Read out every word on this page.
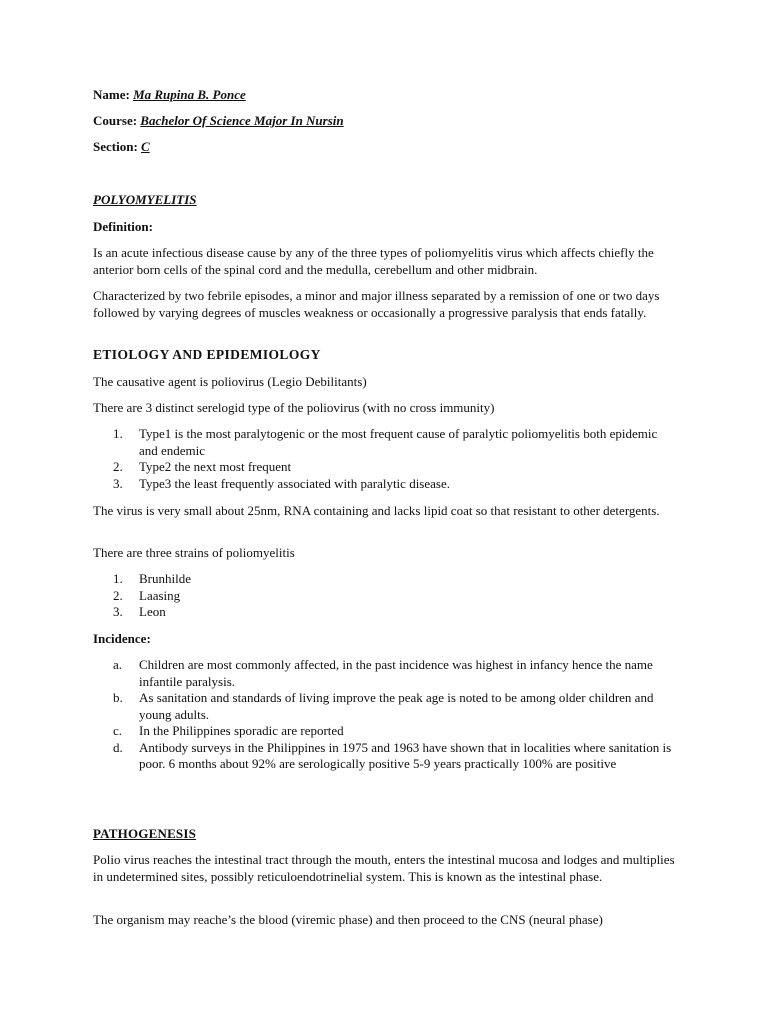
Name: Ma Rupina B. Ponce

Course: Bachelor Of Science Major In Nursin

Section: C

POLYOMYELITIS

Definition:

Is an acute infectious disease cause by any of the three types of poliomyelitis virus which affects chiefly the anterior born cells of the spinal cord and the medulla, cerebellum and other midbrain.

Characterized by two febrile episodes, a minor and major illness separated by a remission of one or two days followed by varying degrees of muscles weakness or occasionally a progressive paralysis that ends fatally.

ETIOLOGY AND EPIDEMIOLOGY

The causative agent is poliovirus (Legio Debilitants)

There are 3 distinct serelogid type of the poliovirus (with no cross immunity)

1. Type1 is the most paralytogenic or the most frequent cause of paralytic poliomyelitis both epidemic and endemic
2. Type2 the next most frequent
3. Type3 the least frequently associated with paralytic disease.

The virus is very small about 25nm, RNA containing and lacks lipid coat so that resistant to other detergents.

There are three strains of poliomyelitis

1. Brunhilde
2. Laasing
3. Leon

Incidence:

a. Children are most commonly affected, in the past incidence was highest in infancy hence the name infantile paralysis.
b. As sanitation and standards of living improve the peak age is noted to be among older children and young adults.
c. In the Philippines sporadic are reported
d. Antibody surveys in the Philippines in 1975 and 1963 have shown that in localities where sanitation is poor. 6 months about 92% are serologically positive 5-9 years practically 100% are positive

PATHOGENESIS

Polio virus reaches the intestinal tract through the mouth, enters the intestinal mucosa and lodges and multiplies in undetermined sites, possibly reticuloendotrinelial system. This is known as the intestinal phase.

The organism may reache’s the blood (viremic phase) and then proceed to the CNS (neural phase)
